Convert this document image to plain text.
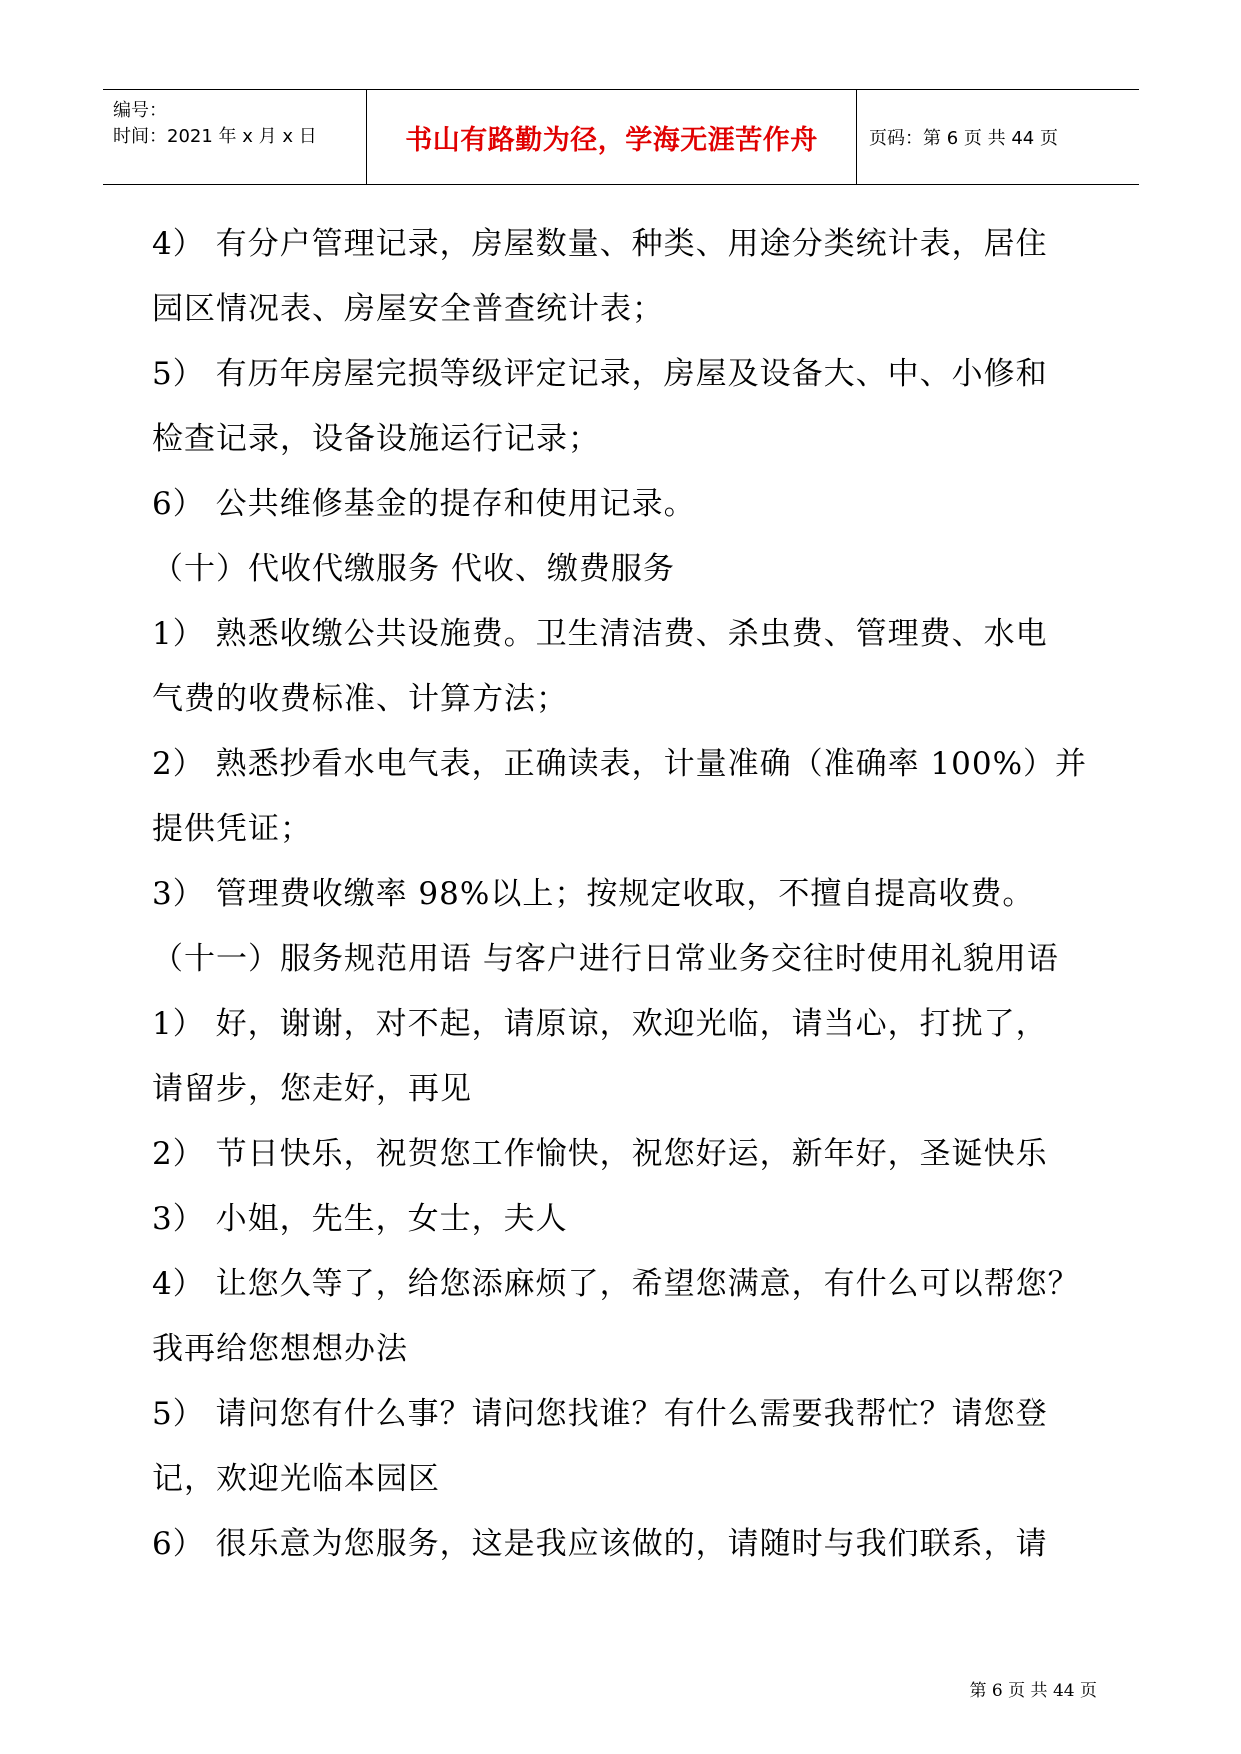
编号：
时间：2021 年 x 月 x 日	书山有路勤为径，学海无涯苦作舟	页码：第 6 页 共 44 页

4） 有分户管理记录，房屋数量、种类、用途分类统计表，居住

园区情况表、房屋安全普查统计表；

5） 有历年房屋完损等级评定记录，房屋及设备大、中、小修和

检查记录，设备设施运行记录；

6） 公共维修基金的提存和使用记录。

（十）代收代缴服务 代收、缴费服务

1） 熟悉收缴公共设施费。卫生清洁费、杀虫费、管理费、水电

气费的收费标准、计算方法；

2） 熟悉抄看水电气表，正确读表，计量准确（准确率 100%）并

提供凭证；

3） 管理费收缴率 98%以上；按规定收取，不擅自提高收费。

（十一）服务规范用语 与客户进行日常业务交往时使用礼貌用语

1） 好，谢谢，对不起，请原谅，欢迎光临，请当心，打扰了，

请留步，您走好，再见

2） 节日快乐，祝贺您工作愉快，祝您好运，新年好，圣诞快乐

3） 小姐，先生，女士，夫人

4） 让您久等了，给您添麻烦了，希望您满意，有什么可以帮您？

我再给您想想办法

5） 请问您有什么事？请问您找谁？有什么需要我帮忙？请您登

记，欢迎光临本园区

6） 很乐意为您服务，这是我应该做的，请随时与我们联系，请

第 6 页 共 44 页
